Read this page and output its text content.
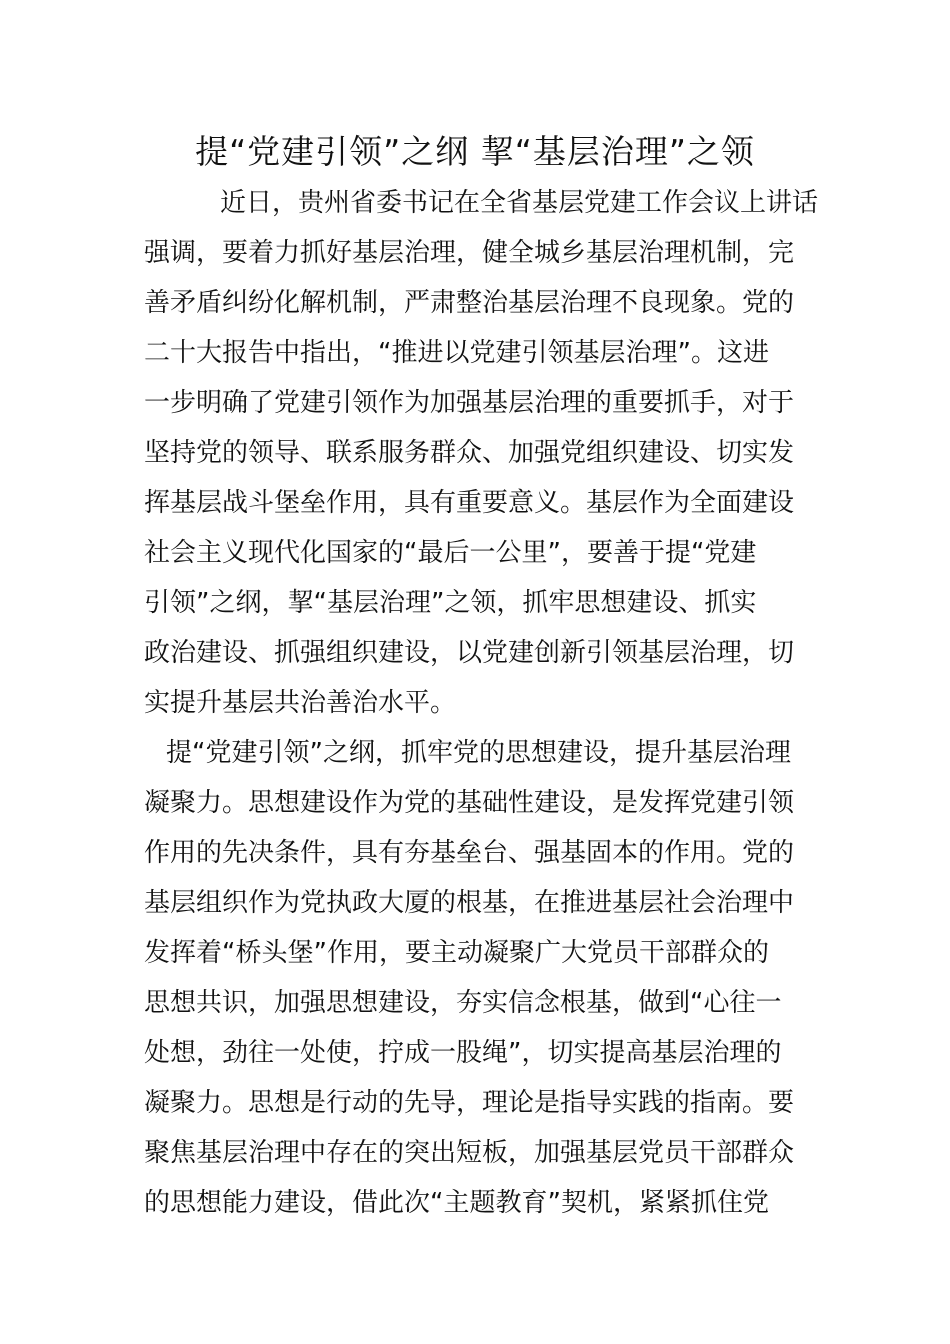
提“党建引领”之纲 挈“基层治理”之领
近日，贵州省委书记在全省基层党建工作会议上讲话
强调，要着力抓好基层治理，健全城乡基层治理机制，完
善矛盾纠纷化解机制，严肃整治基层治理不良现象。党的
二十大报告中指出，“推进以党建引领基层治理”。这进
一步明确了党建引领作为加强基层治理的重要抓手，对于
坚持党的领导、联系服务群众、加强党组织建设、切实发
挥基层战斗堡垒作用，具有重要意义。基层作为全面建设
社会主义现代化国家的“最后一公里”，要善于提“党建
引领”之纲，挈“基层治理”之领，抓牢思想建设、抓实
政治建设、抓强组织建设，以党建创新引领基层治理，切
实提升基层共治善治水平。
提“党建引领”之纲，抓牢党的思想建设，提升基层治理
凝聚力。思想建设作为党的基础性建设，是发挥党建引领
作用的先决条件，具有夯基垒台、强基固本的作用。党的
基层组织作为党执政大厦的根基，在推进基层社会治理中
发挥着“桥头堡”作用，要主动凝聚广大党员干部群众的
思想共识，加强思想建设，夯实信念根基，做到“心往一
处想，劲往一处使，拧成一股绳”，切实提高基层治理的
凝聚力。思想是行动的先导，理论是指导实践的指南。要
聚焦基层治理中存在的突出短板，加强基层党员干部群众
的思想能力建设，借此次“主题教育”契机，紧紧抓住党
